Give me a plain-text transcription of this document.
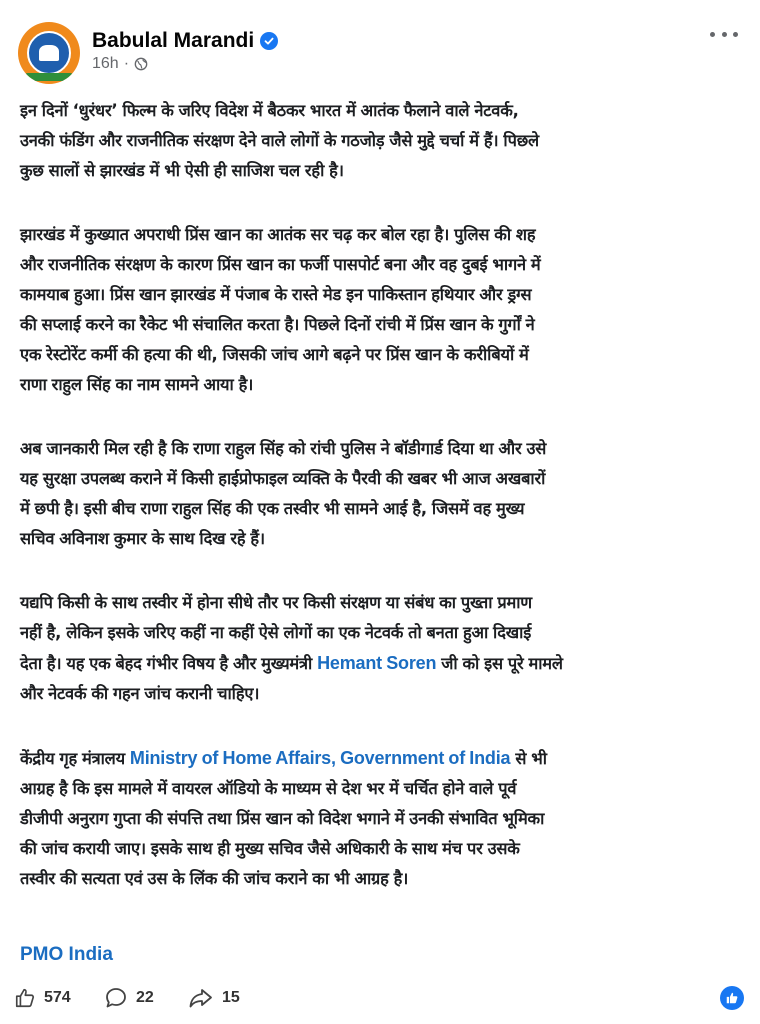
Babulal Marandi
16h ·

इन दिनों ‘धुरंधर’ फिल्म के जरिए विदेश में बैठकर भारत में आतंक फैलाने वाले नेटवर्क,
उनकी फंडिंग और राजनीतिक संरक्षण देने वाले लोगों के गठजोड़ जैसे मुद्दे चर्चा में हैं। पिछले
कुछ सालों से झारखंड में भी ऐसी ही साजिश चल रही है।

झारखंड में कुख्यात अपराधी प्रिंस खान का आतंक सर चढ़ कर बोल रहा है। पुलिस की शह
और राजनीतिक संरक्षण के कारण प्रिंस खान का फर्जी पासपोर्ट बना और वह दुबई भागने में
कामयाब हुआ। प्रिंस खान झारखंड में पंजाब के रास्ते मेड इन पाकिस्तान हथियार और ड्रग्स
की सप्लाई करने का रैकेट भी संचालित करता है। पिछले दिनों रांची में प्रिंस खान के गुर्गों ने
एक रेस्टोरेंट कर्मी की हत्या की थी, जिसकी जांच आगे बढ़ने पर प्रिंस खान के करीबियों में
राणा राहुल सिंह का नाम सामने आया है।

अब जानकारी मिल रही है कि राणा राहुल सिंह को रांची पुलिस ने बॉडीगार्ड दिया था और उसे
यह सुरक्षा उपलब्ध कराने में किसी हाईप्रोफाइल व्यक्ति के पैरवी की खबर भी आज अखबारों
में छपी है। इसी बीच राणा राहुल सिंह की एक तस्वीर भी सामने आई है, जिसमें वह मुख्य
सचिव अविनाश कुमार के साथ दिख रहे हैं।

यद्यपि किसी के साथ तस्वीर में होना सीधे तौर पर किसी संरक्षण या संबंध का पुख्ता प्रमाण
नहीं है, लेकिन इसके जरिए कहीं ना कहीं ऐसे लोगों का एक नेटवर्क तो बनता हुआ दिखाई
देता है। यह एक बेहद गंभीर विषय है और मुख्यमंत्री Hemant Soren जी को इस पूरे मामले
और नेटवर्क की गहन जांच करानी चाहिए।

केंद्रीय गृह मंत्रालय Ministry of Home Affairs, Government of India से भी
आग्रह है कि इस मामले में वायरल ऑडियो के माध्यम से देश भर में चर्चित होने वाले पूर्व
डीजीपी अनुराग गुप्ता की संपत्ति तथा प्रिंस खान को विदेश भगाने में उनकी संभावित भूमिका
की जांच करायी जाए। इसके साथ ही मुख्य सचिव जैसे अधिकारी के साथ मंच पर उसके
तस्वीर की सत्यता एवं उस के लिंक की जांच कराने का भी आग्रह है।

PMO India
574	22	15
